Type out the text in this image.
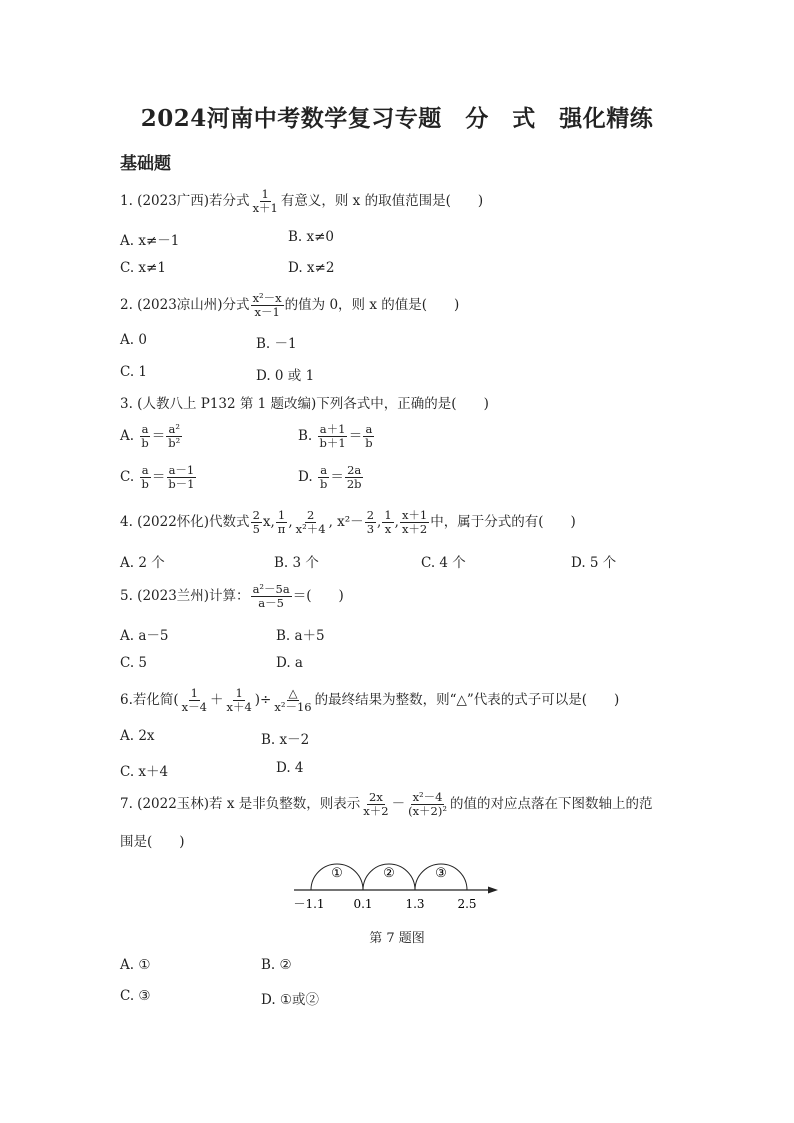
2024河南中考数学复习专题　分　式　强化精练
基础题
1. (2023广西)若分式 $\frac{1}{x+1}$ 有意义，则 x 的取值范围是(　　)
A. x≠－1	B. x≠0
C. x≠1	D. x≠2
2. (2023凉山州)分式 $\frac{\text{x²－x}}{x-1}$ 的值为 0，则 x 的值是(　　)
A. 0	B. －1
C. 1	D. 0 或 1
3. (人教八上 P132 第 1 题改编)下列各式中，正确的是(　　)
A. $\frac{a}{b} = \frac{\text{a²}}{\text{b²}}$	B. $\frac{a+1}{b+1} = \frac{a}{b}$
C. $\frac{a}{b} = \frac{a-1}{b-1}$	D. $\frac{a}{b} = \frac{2a}{2b}$
4. (2022怀化)代数式 $\frac{2}{5} x$, $\frac{1}{\pi}$ , $\frac{2}{\text{x²＋4}}$ , $x^2- \frac{2}{3}$ , $\frac{1}{x}$ , $\frac{x+1}{x+2}$ 中，属于分式的有(　　)
A. 2 个	B. 3 个	C. 4 个	D. 5 个
5. (2023兰州)计算： $\frac{\text{a²－5a}}{a-5}$ ＝(　　)
A. a－5	B. a＋5
C. 5	D. a
6.若化简( $\frac{1}{x-4} + \frac{1}{x+4}$ )÷ △
x²－16 的最终结果为整数，则“△”代表的式子可以是(　　)
A. 2x	B. x－2
C. x＋4	D. 4
7. (2022玉林)若 x 是非负整数，则表示 $\frac{2x}{x+2} - \frac{\text{x²－4}}{\text{(x＋2)²}}$ 的值的对应点落在下图数轴上的范
围是(　　)
①	②	③
－1.1 0.1	1.3	2.5
第 7 题图
A. ①	B. ②
C. ③	D. ①或②
